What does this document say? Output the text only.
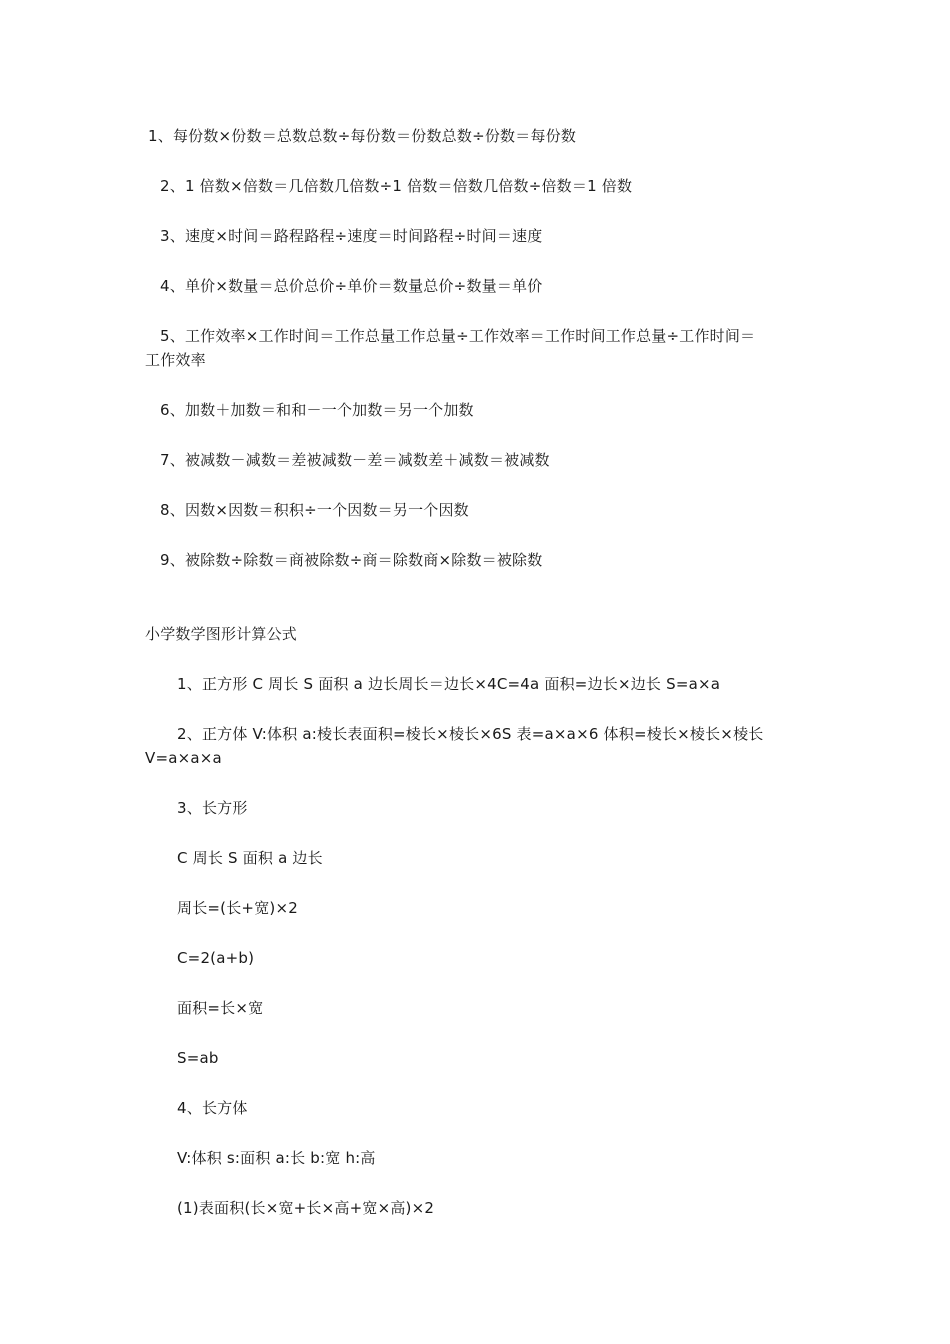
1、每份数×份数＝总数总数÷每份数＝份数总数÷份数＝每份数
2、1 倍数×倍数＝几倍数几倍数÷1 倍数＝倍数几倍数÷倍数＝1 倍数
3、速度×时间＝路程路程÷速度＝时间路程÷时间＝速度
4、单价×数量＝总价总价÷单价＝数量总价÷数量＝单价
5、工作效率×工作时间＝工作总量工作总量÷工作效率＝工作时间工作总量÷工作时间＝
工作效率
6、加数＋加数＝和和－一个加数＝另一个加数
7、被减数－减数＝差被减数－差＝减数差＋减数＝被减数
8、因数×因数＝积积÷一个因数＝另一个因数
9、被除数÷除数＝商被除数÷商＝除数商×除数＝被除数
小学数学图形计算公式
1、正方形 C 周长 S 面积 a 边长周长＝边长×4C=4a 面积=边长×边长 S=a×a
2、正方体 V:体积 a:棱长表面积=棱长×棱长×6S 表=a×a×6 体积=棱长×棱长×棱长
V=a×a×a
3、长方形
C 周长 S 面积 a 边长
周长=(长+宽)×2
C=2(a+b)
面积=长×宽
S=ab
4、长方体
V:体积 s:面积 a:长 b:宽 h:高
(1)表面积(长×宽+长×高+宽×高)×2
